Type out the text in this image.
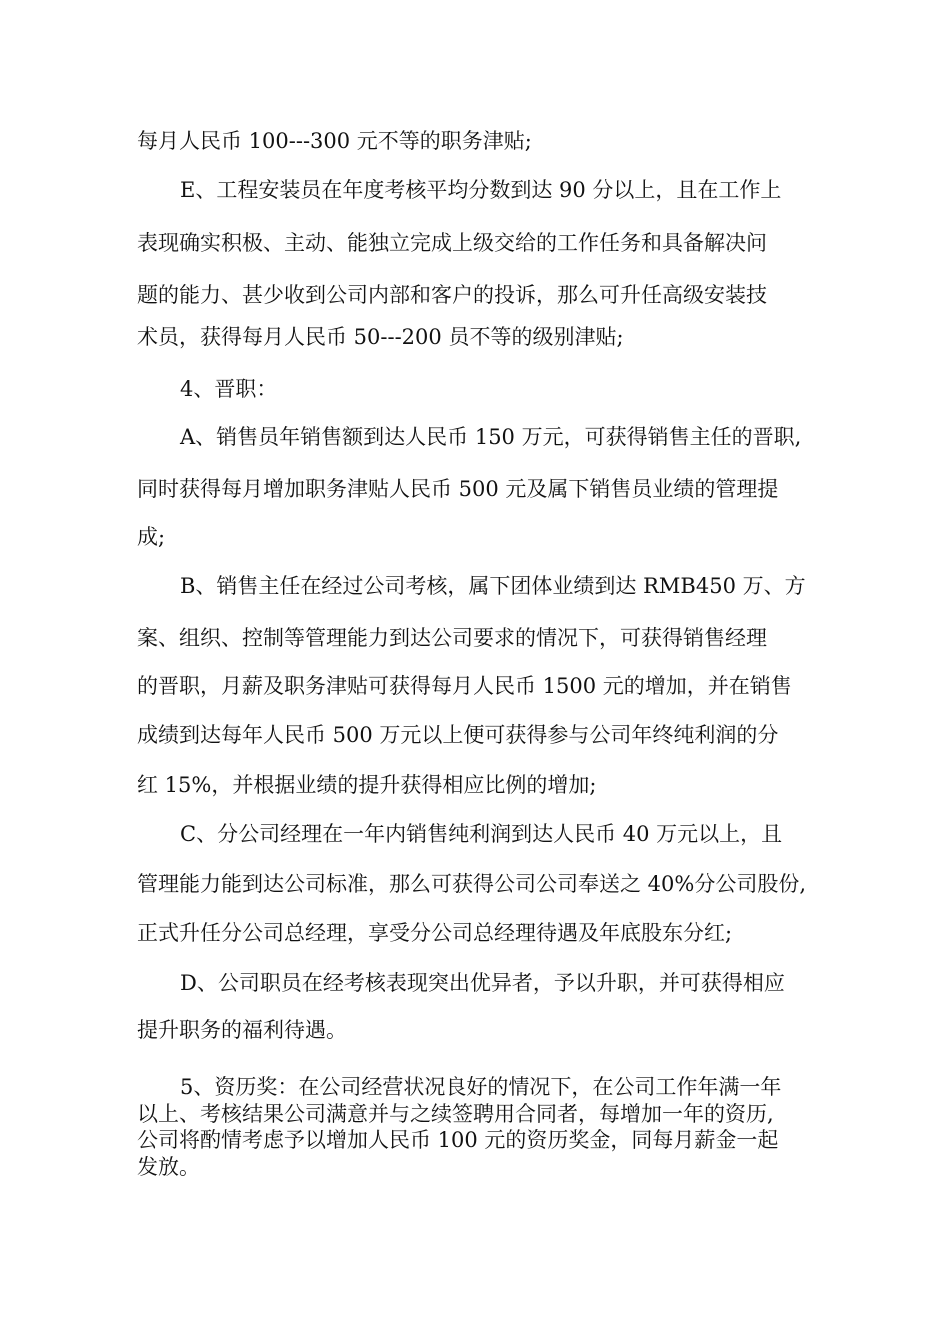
每月人民币 100---300 元不等的职务津贴;
E、工程安装员在年度考核平均分数到达 90 分以上，且在工作上
表现确实积极、主动、能独立完成上级交给的工作任务和具备解决问
题的能力、甚少收到公司内部和客户的投诉，那么可升任高级安装技
术员，获得每月人民币 50---200 员不等的级别津贴;
4、晋职：
A、销售员年销售额到达人民币 150 万元，可获得销售主任的晋职,
同时获得每月增加职务津贴人民币 500 元及属下销售员业绩的管理提
成;
B、销售主任在经过公司考核，属下团体业绩到达 RMB450 万、方
案、组织、控制等管理能力到达公司要求的情况下，可获得销售经理
的晋职，月薪及职务津贴可获得每月人民币 1500 元的增加，并在销售
成绩到达每年人民币 500 万元以上便可获得参与公司年终纯利润的分
红 15%，并根据业绩的提升获得相应比例的增加;
C、分公司经理在一年内销售纯利润到达人民币 40 万元以上，且
管理能力能到达公司标准，那么可获得公司公司奉送之 40%分公司股份,
正式升任分公司总经理，享受分公司总经理待遇及年底股东分红;
D、公司职员在经考核表现突出优异者，予以升职，并可获得相应
提升职务的福利待遇。
5、资历奖：在公司经营状况良好的情况下，在公司工作年满一年
以上、考核结果公司满意并与之续签聘用合同者，每增加一年的资历,
公司将酌情考虑予以增加人民币 100 元的资历奖金，同每月薪金一起
发放。
